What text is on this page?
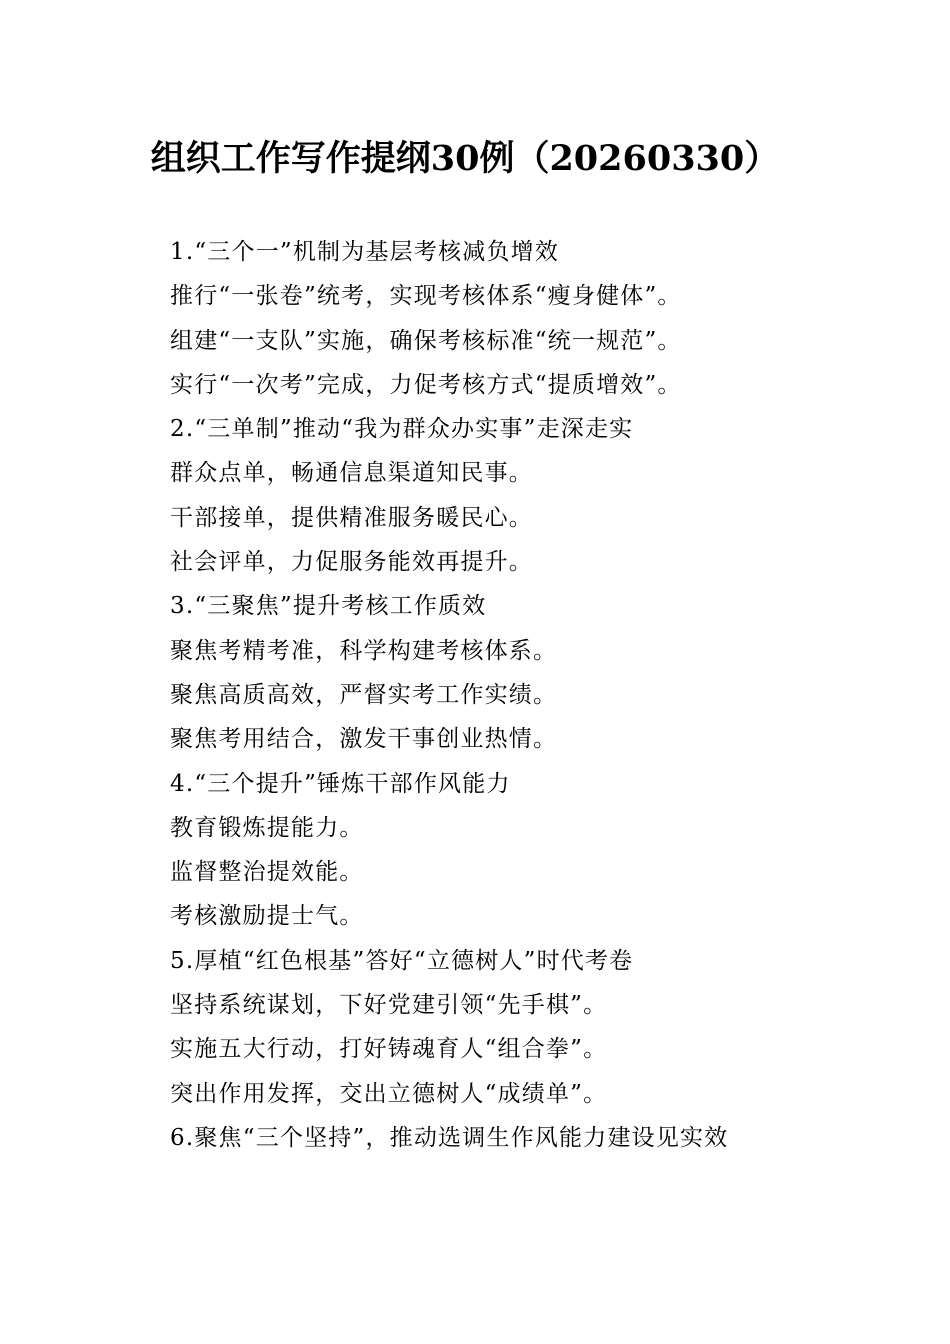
组织工作写作提纲30例（20260330）
1.“三个一”机制为基层考核减负增效
推行“一张卷”统考，实现考核体系“瘦身健体”。
组建“一支队”实施，确保考核标准“统一规范”。
实行“一次考”完成，力促考核方式“提质增效”。
2.“三单制”推动“我为群众办实事”走深走实
群众点单，畅通信息渠道知民事。
干部接单，提供精准服务暖民心。
社会评单，力促服务能效再提升。
3.“三聚焦”提升考核工作质效
聚焦考精考准，科学构建考核体系。
聚焦高质高效，严督实考工作实绩。
聚焦考用结合，激发干事创业热情。
4.“三个提升”锤炼干部作风能力
教育锻炼提能力。
监督整治提效能。
考核激励提士气。
5.厚植“红色根基”答好“立德树人”时代考卷
坚持系统谋划，下好党建引领“先手棋”。
实施五大行动，打好铸魂育人“组合拳”。
突出作用发挥，交出立德树人“成绩单”。
6.聚焦“三个坚持”，推动选调生作风能力建设见实效
